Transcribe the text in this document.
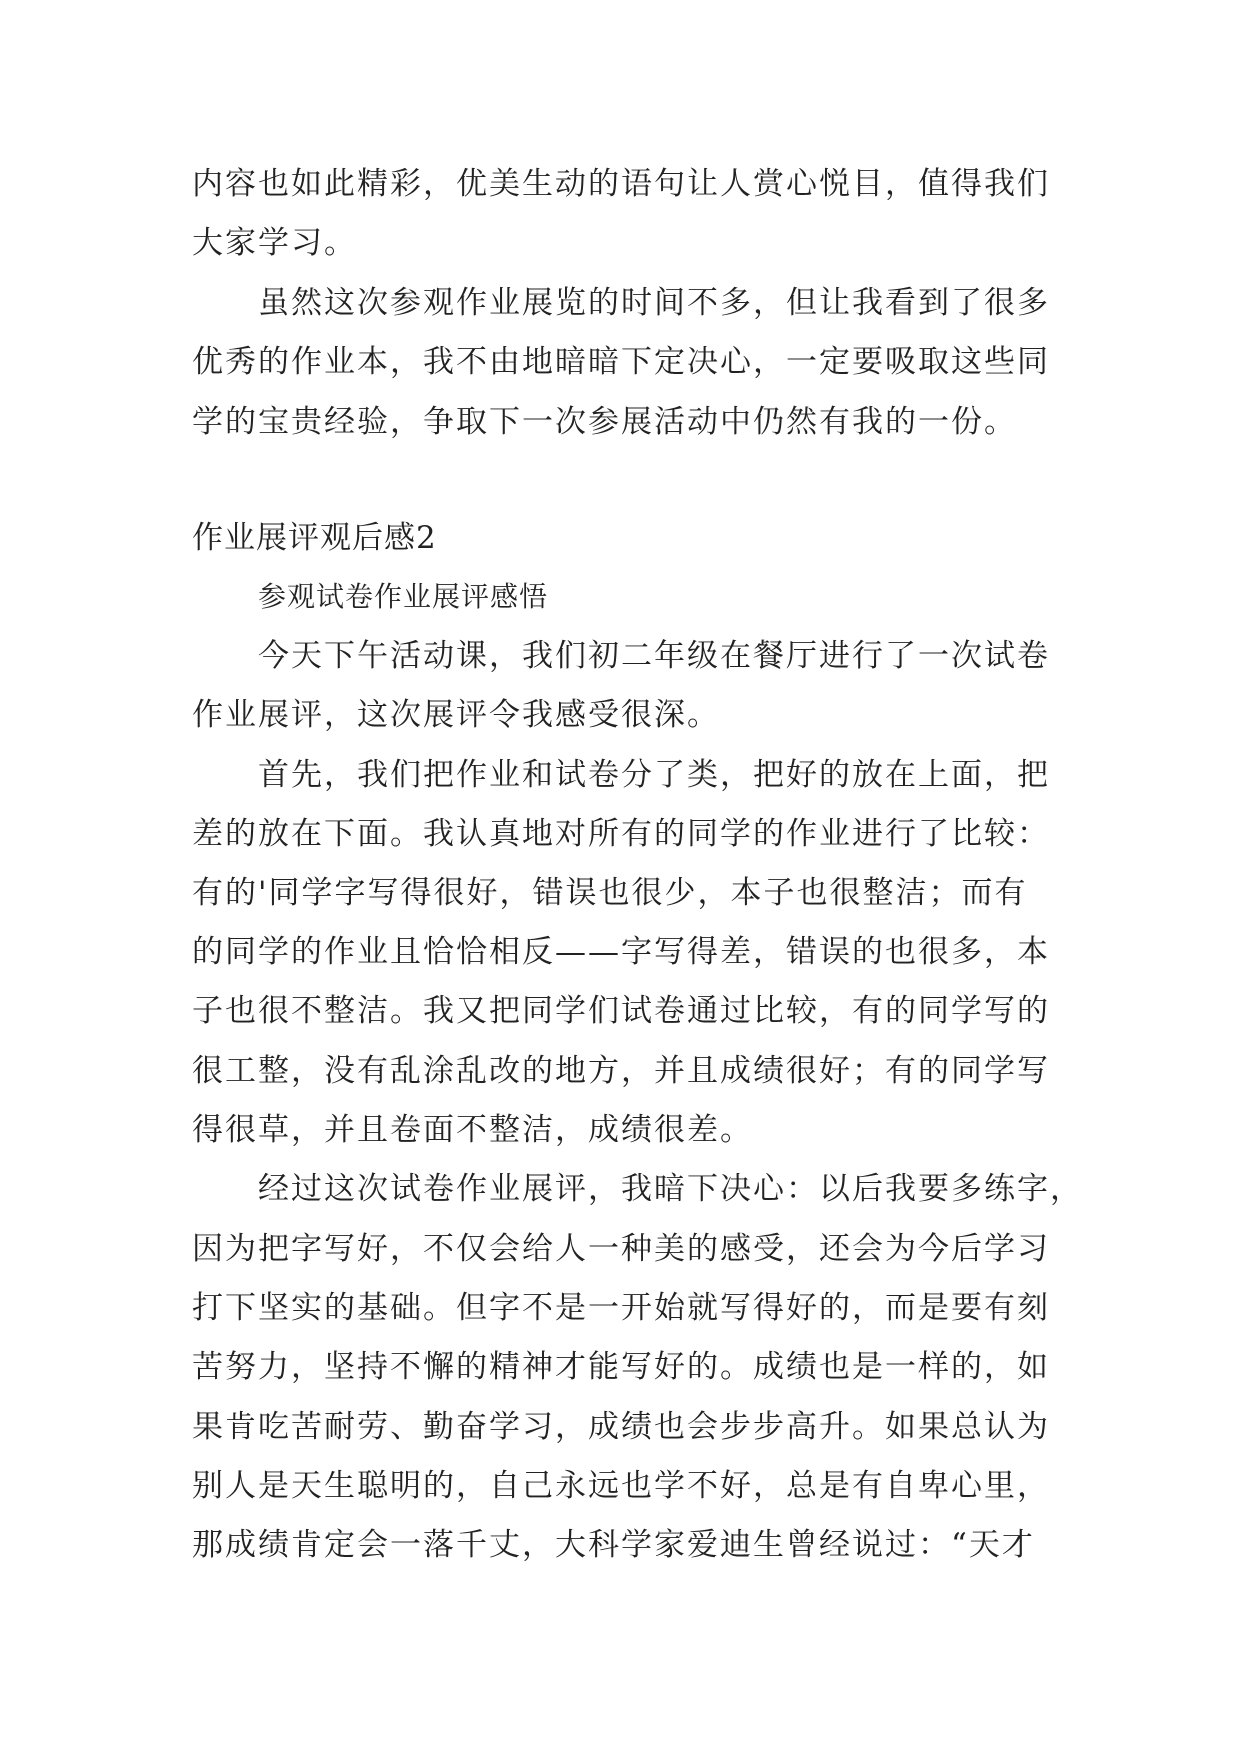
内容也如此精彩，优美生动的语句让人赏心悦目，值得我们
大家学习。
虽然这次参观作业展览的时间不多，但让我看到了很多
优秀的作业本，我不由地暗暗下定决心，一定要吸取这些同
学的宝贵经验，争取下一次参展活动中仍然有我的一份。
作业展评观后感2
参观试卷作业展评感悟
今天下午活动课，我们初二年级在餐厅进行了一次试卷
作业展评，这次展评令我感受很深。
首先，我们把作业和试卷分了类，把好的放在上面，把
差的放在下面。我认真地对所有的同学的作业进行了比较：
有的'同学字写得很好，错误也很少，本子也很整洁；而有
的同学的作业且恰恰相反——字写得差，错误的也很多，本
子也很不整洁。我又把同学们试卷通过比较，有的同学写的
很工整，没有乱涂乱改的地方，并且成绩很好；有的同学写
得很草，并且卷面不整洁，成绩很差。
经过这次试卷作业展评，我暗下决心：以后我要多练字，
因为把字写好，不仅会给人一种美的感受，还会为今后学习
打下坚实的基础。但字不是一开始就写得好的，而是要有刻
苦努力，坚持不懈的精神才能写好的。成绩也是一样的，如
果肯吃苦耐劳、勤奋学习，成绩也会步步高升。如果总认为
别人是天生聪明的，自己永远也学不好，总是有自卑心里，
那成绩肯定会一落千丈，大科学家爱迪生曾经说过：“天才
